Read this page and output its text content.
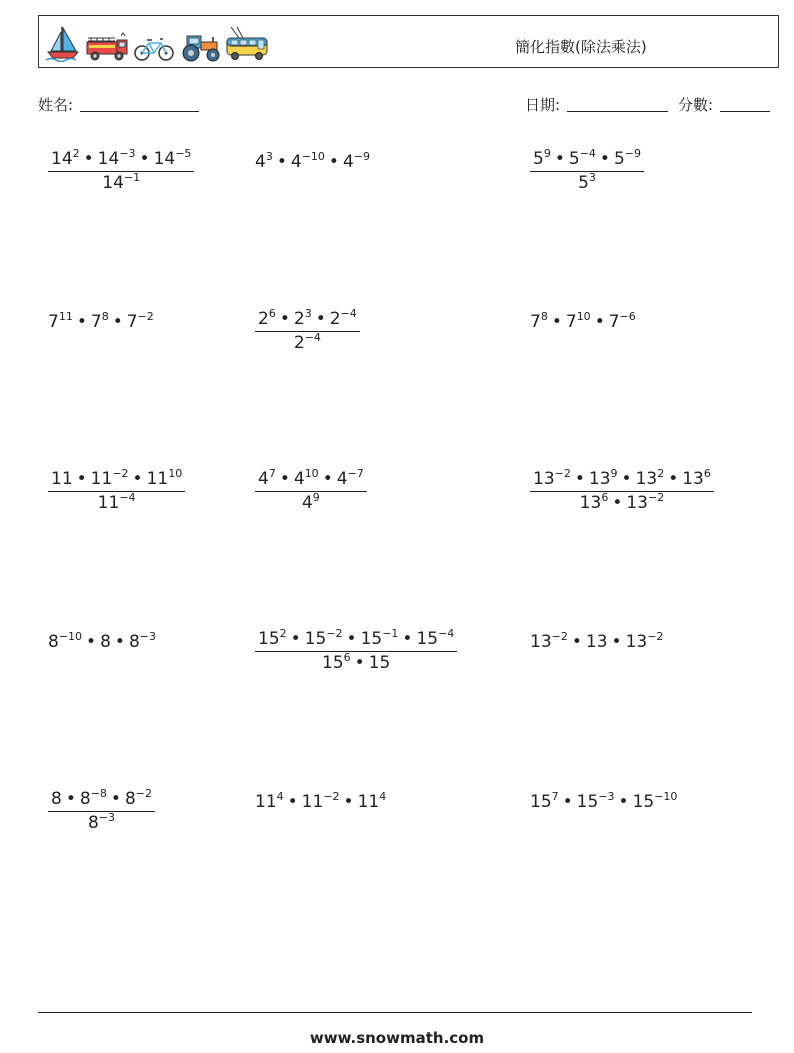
簡化指數(除法乘法)
姓名:	日期:	分數:
$\frac{14^2 • 14^{-3} • 14^{-5}}{14^{-1}}$	$4^3$ • $4^{-10}$ • $4^{-9}$	$\frac{5^9 • 5^{-4} • 5^{-9}}{5^3}$
$7^{11}$ • $7^8$ • $7^{-2}$	$\frac{2^6 • 2^3 • 2^{-4}}{2^{-4}}$	$7^8$ • $7^{10}$ • $7^{-6}$
$\frac{11 • 11^{-2} • 11^{10}}{11^{-4}}$	$\frac{4^7 • 4^{10} • 4^{-7}}{4^9}$	$\frac{13^{-2} • 13^9 • 13^2 • 13^6}{13^6 • 13^{-2}}$
$8^{-10}$ • 8 • $8^{-3}$	$\frac{15^2 • 15^{-2} • 15^{-1} • 15^{-4}}{15^6 • 15}$	$13^{-2}$ • 13 • $13^{-2}$
$\frac{8 • 8^{-8} • 8^{-2}}{8^{-3}}$	$11^4$ • $11^{-2}$ • $11^4$	$15^7$ • $15^{-3}$ • $15^{-10}$
www.snowmath.com
